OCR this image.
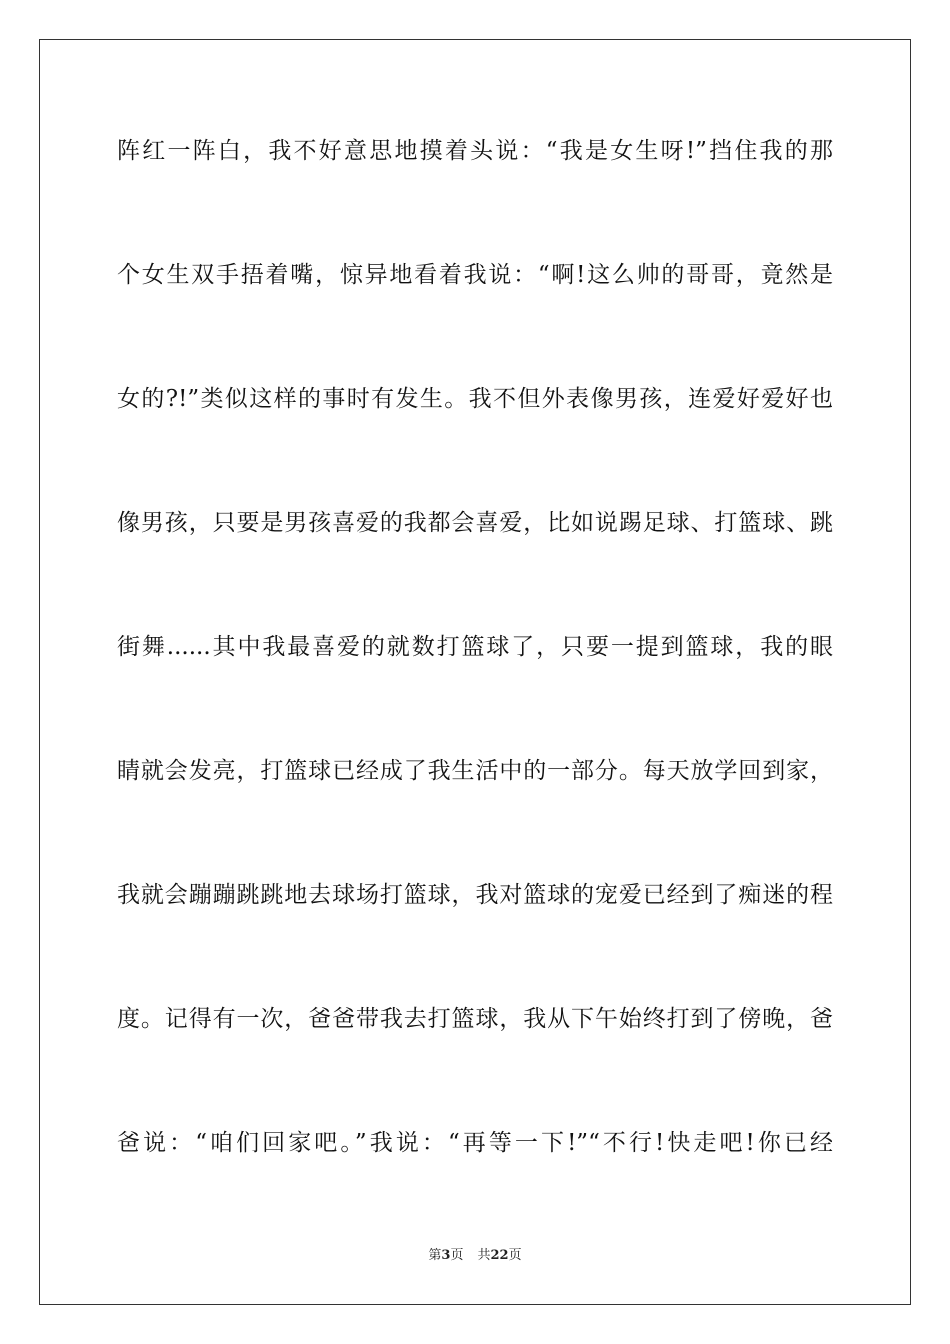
阵红一阵白，我不好意思地摸着头说：“我是女生呀!”挡住我的那
个女生双手捂着嘴，惊异地看着我说：“啊!这么帅的哥哥，竟然是
女的?!”类似这样的事时有发生。我不但外表像男孩，连爱好爱好也
像男孩，只要是男孩喜爱的我都会喜爱，比如说踢足球、打篮球、跳
街舞......其中我最喜爱的就数打篮球了，只要一提到篮球，我的眼
睛就会发亮，打篮球已经成了我生活中的一部分。每天放学回到家，
我就会蹦蹦跳跳地去球场打篮球，我对篮球的宠爱已经到了痴迷的程
度。记得有一次，爸爸带我去打篮球，我从下午始终打到了傍晚，爸
爸说：“咱们回家吧。”我说：“再等一下!”“不行!快走吧!你已经
第3页 共22页
